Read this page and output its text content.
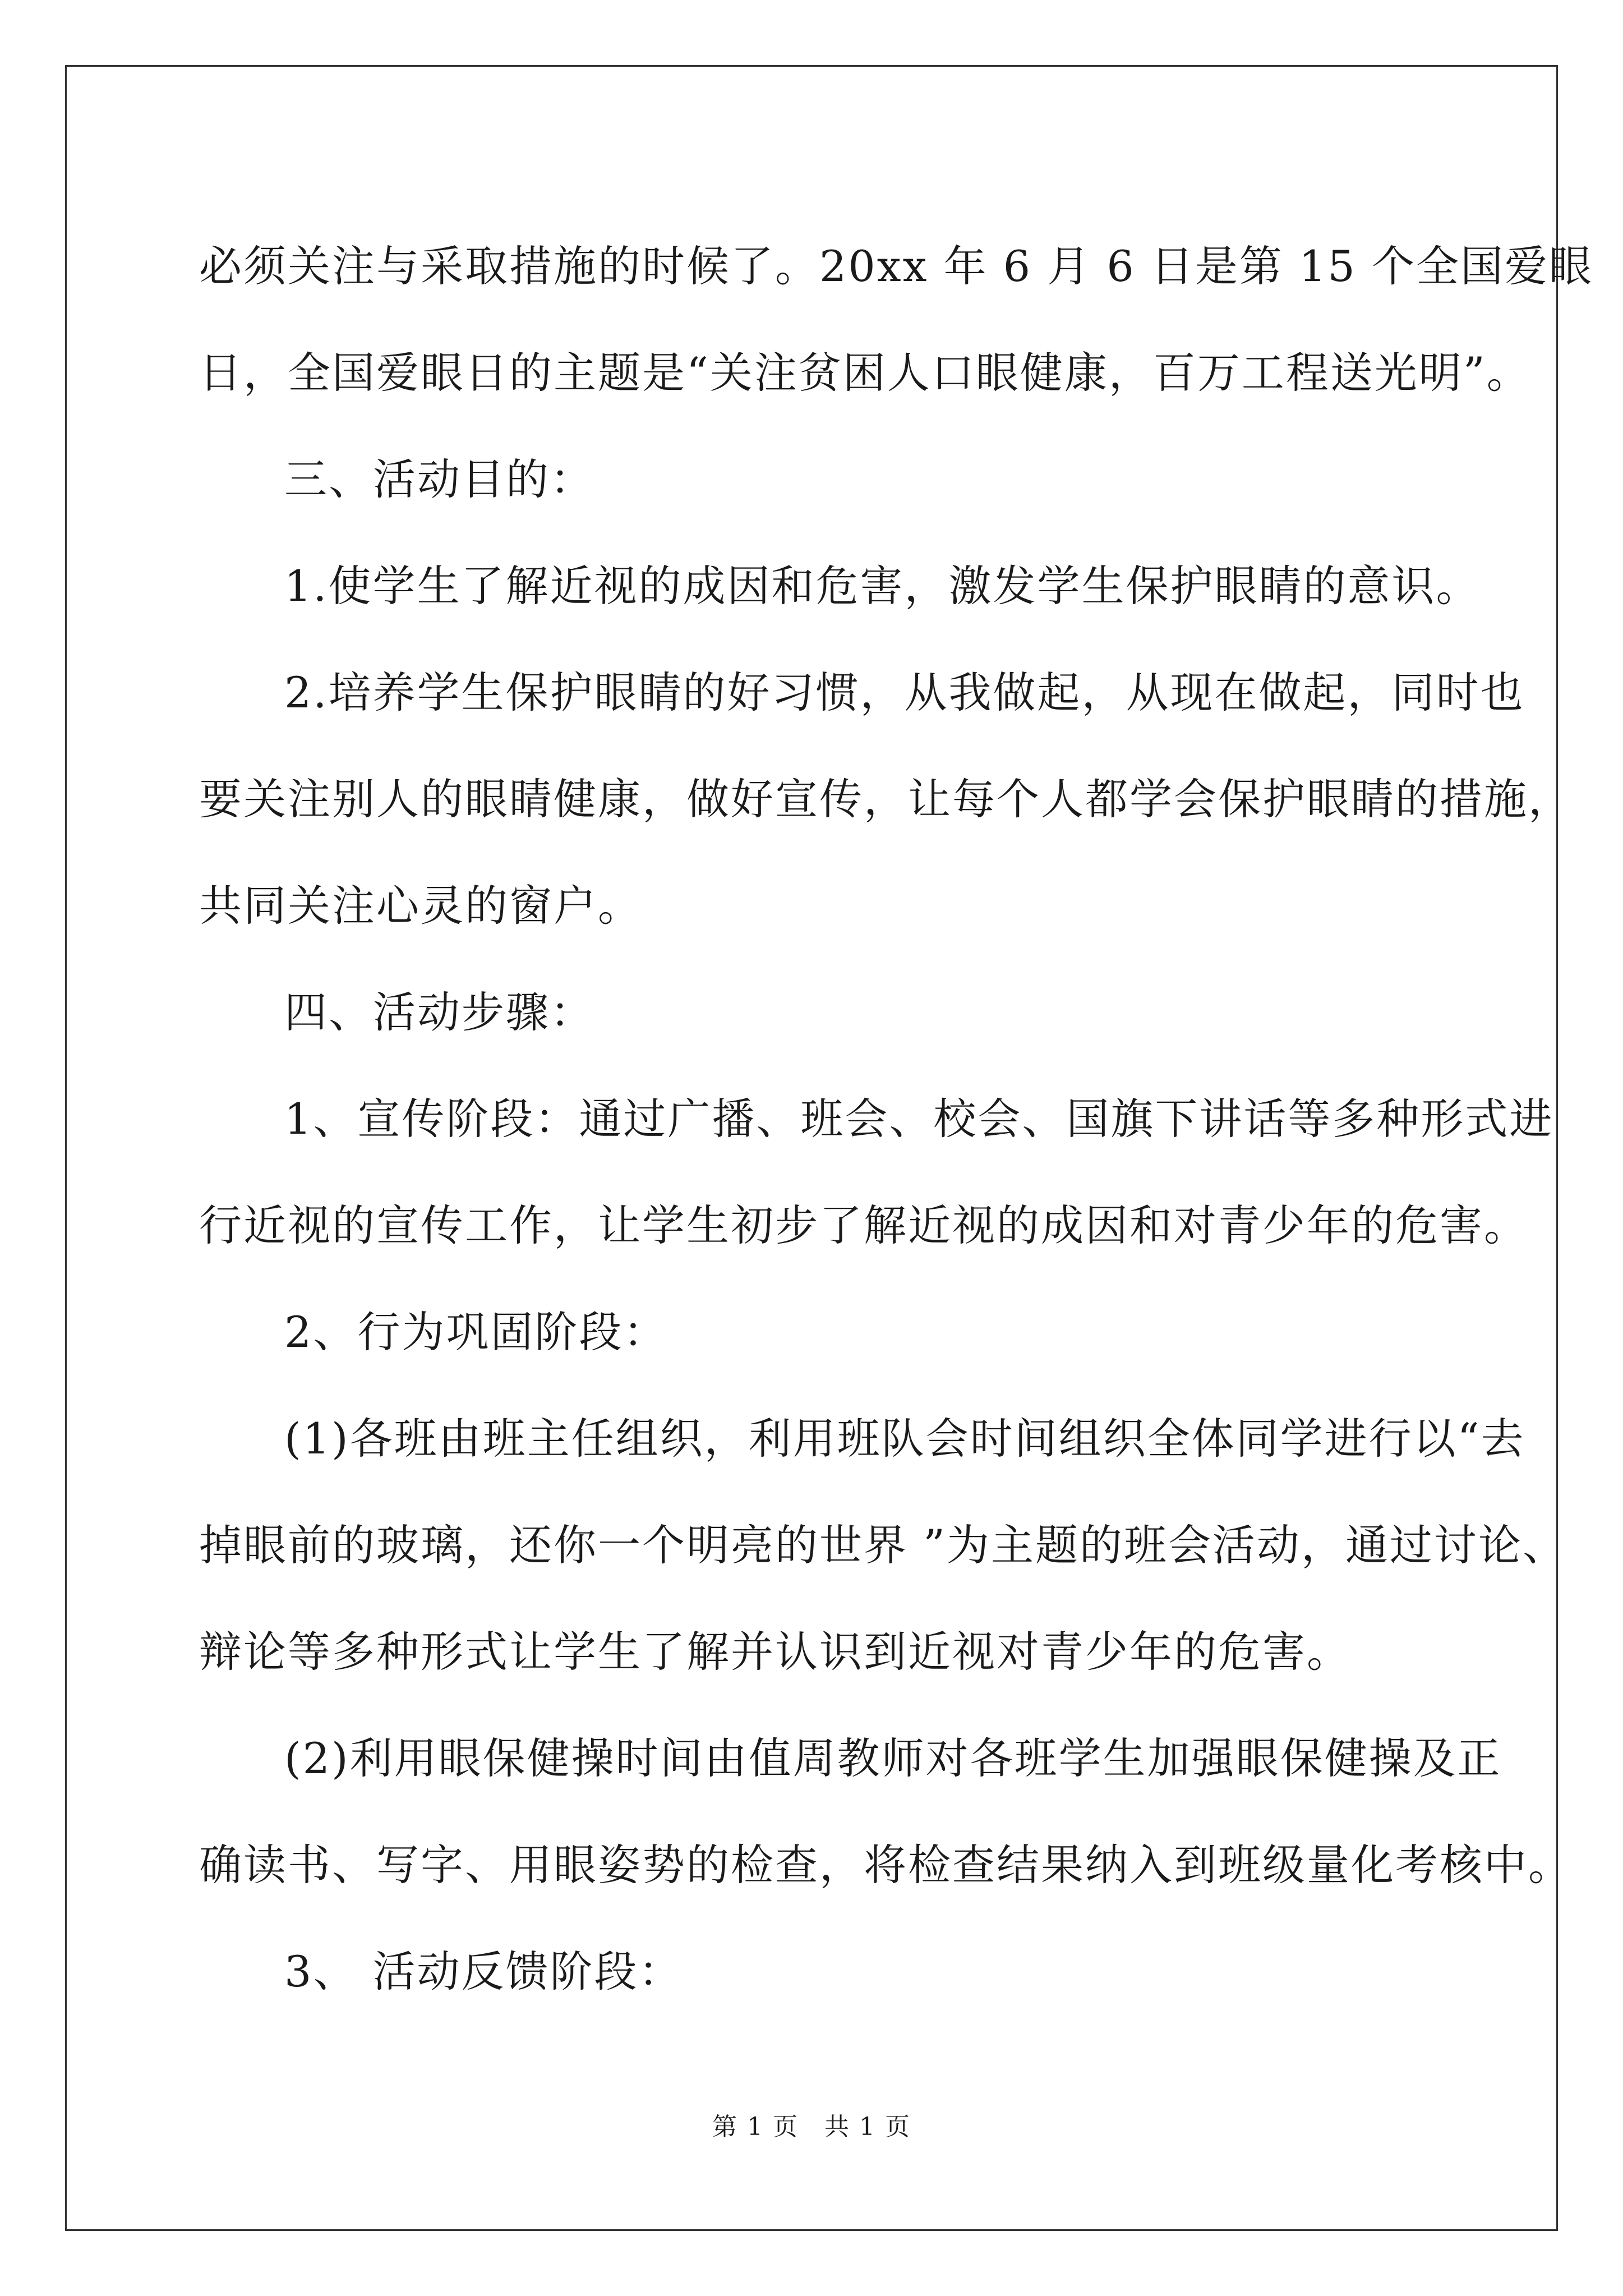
必须关注与采取措施的时候了。20xx 年 6 月 6 日是第 15 个全国爱眼

日，全国爱眼日的主题是“关注贫困人口眼健康，百万工程送光明”。

三、活动目的：

1.使学生了解近视的成因和危害，激发学生保护眼睛的意识。

2.培养学生保护眼睛的好习惯，从我做起，从现在做起，同时也

要关注别人的眼睛健康，做好宣传，让每个人都学会保护眼睛的措施，

共同关注心灵的窗户。

四、活动步骤：

1、宣传阶段：通过广播、班会、校会、国旗下讲话等多种形式进

行近视的宣传工作，让学生初步了解近视的成因和对青少年的危害。

2、行为巩固阶段：

(1)各班由班主任组织，利用班队会时间组织全体同学进行以“去

掉眼前的玻璃，还你一个明亮的世界 ”为主题的班会活动，通过讨论、

辩论等多种形式让学生了解并认识到近视对青少年的危害。

(2)利用眼保健操时间由值周教师对各班学生加强眼保健操及正

确读书、写字、用眼姿势的检查，将检查结果纳入到班级量化考核中。

3、 活动反馈阶段：

第 1 页　共 1 页
